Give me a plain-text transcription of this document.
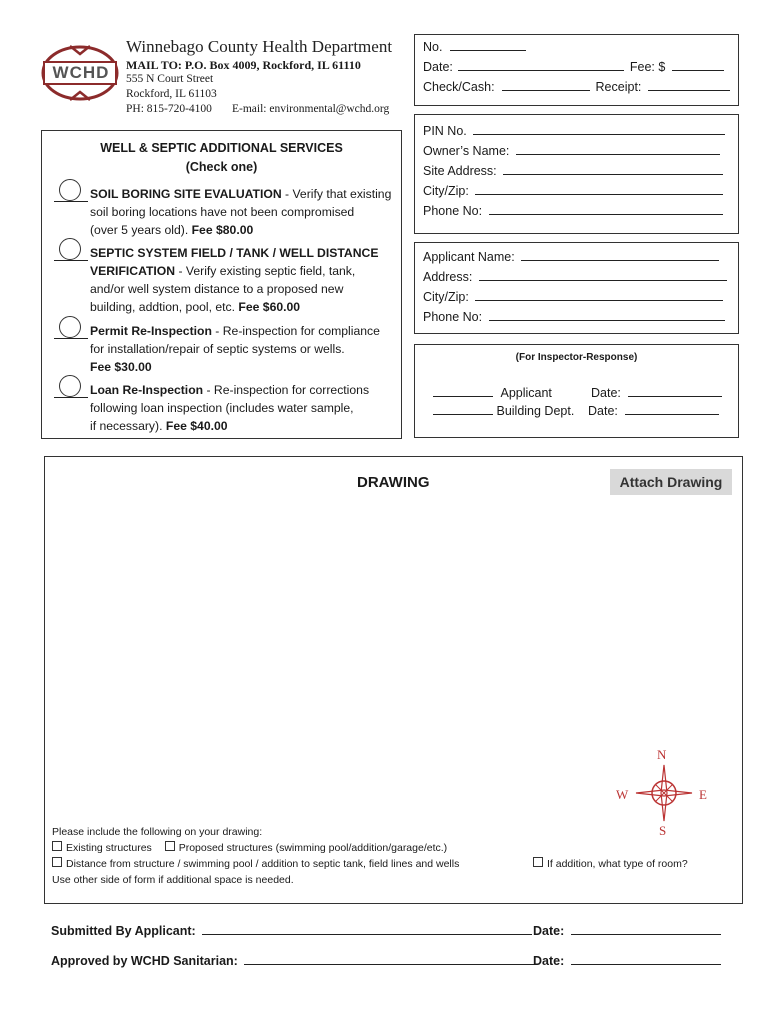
WCHD
Winnebago County Health Department
MAIL TO: P.O. Box 4009, Rockford, IL 61110
555 N Court Street
Rockford, IL 61103
PH: 815-720-4100 E-mail: environmental@wchd.org
No.
Date:	Fee: $
Check/Cash:	Receipt:
PIN No.
Owner’s Name:
Site Address:
City/Zip:
Phone No:
Applicant Name:
Address:
City/Zip:
Phone No:
(For Inspector-Response)
Applicant	Date:
Building Dept. Date:
WELL & SEPTIC ADDITIONAL SERVICES
(Check one)
SOIL BORING SITE EVALUATION - Verify that existing
soil boring locations have not been compromised
(over 5 years old). Fee $80.00
SEPTIC SYSTEM FIELD / TANK / WELL DISTANCE
VERIFICATION - Verify existing septic field, tank,
and/or well system distance to a proposed new
building, addtion, pool, etc. Fee $60.00
Permit Re-Inspection - Re-inspection for compliance
for installation/repair of septic systems or wells.
Fee $30.00
Loan Re-Inspection - Re-inspection for corrections
following loan inspection (includes water sample,
if necessary). Fee $40.00
DRAWING	Attach Drawing
N
S
W	E
Please include the following on your drawing:
Existing structures	Proposed structures (swimming pool/addition/garage/etc.)
Distance from structure / swimming pool / addition to septic tank, field lines and wells
Use other side of form if additional space is needed.
If addition, what type of room?
Submitted By Applicant:	Date:
Approved by WCHD Sanitarian:	Date:
